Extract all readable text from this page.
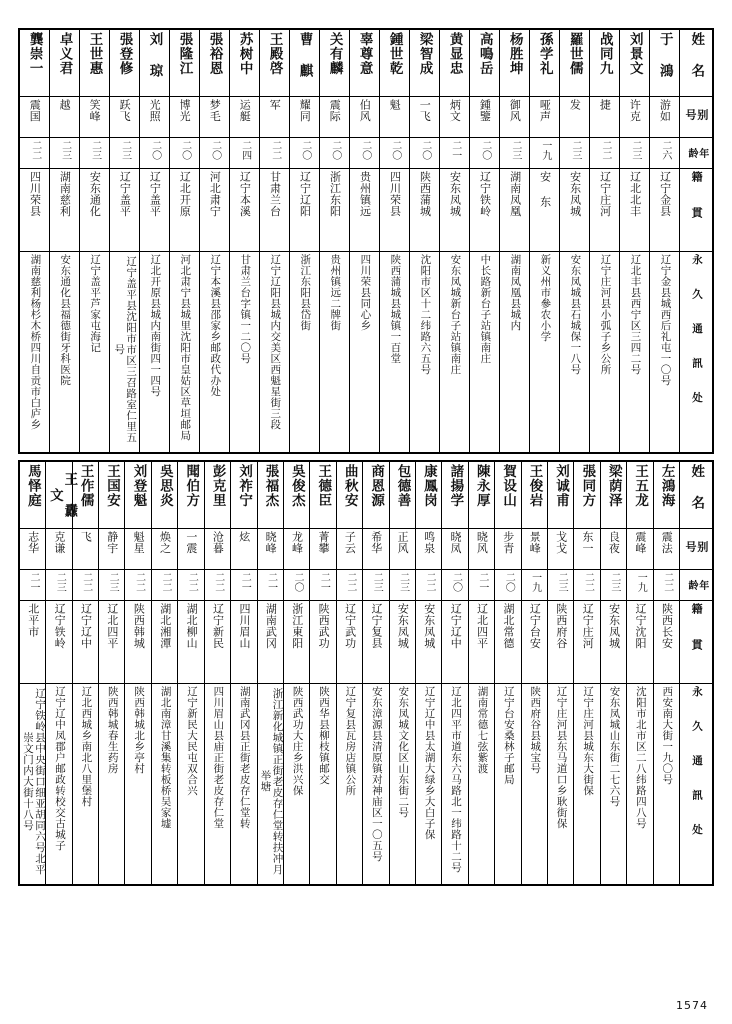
姓 名	于 鴻	刘景文	战同九	羅世儒	孫学礼	杨胜坤	高鳴岳	黄显忠	梁智成	鍾世乾	辜尊意	关有麟	曹 麒	王殿啓	苏树中	張裕恩	張隆江	刘 琼	張登修	王世惠	卓义君	龔崇一

别 号	游如	许克	捷	发	哑声	御风	鍾鑒	炳文	一飞	魁	伯风	震际	耀同	军	运艇	梦毛	博光	光照	跃飞	笑峰	越	震国

年 龄	二六	二三	二二	二三	一九	二三	二〇	二一	二〇	二〇	二〇	二〇	二〇	二二	二四	二〇	二〇	二〇	二三	二三	二三	二二

籍 貫	辽宁金县	辽北北丰	辽宁庄河	安东凤城	安 东	湖南凤凰	辽宁铁岭	安东凤城	陕西蒲城	四川荣县	贵州镇远	浙江东阳	辽宁辽阳	甘肃兰台	辽宁本溪	河北肃宁	辽北开原	辽宁盖平	辽宁盖平	安东通化	湖南慈利	四川荣县

永 久 通 訊 处	辽宁金县城西后礼屯一〇号	辽北丰县西宁区三四二号	辽宁庄河县小弧子乡公所	安东凤城县石城保一八号	新义州市參农小学	湖南凤凰县城内	中长路新台子站镇南庄	安东凤城新台子站镇南庄	沈阳市区十二纬路六五号	陕西蒲城县城镇一百堂	四川荣县同心乡	贵州镇远二牌街	浙江东阳县岱街	辽宁辽阳县城内交美区西魁星街三段	甘肃兰台字镇一二〇号	辽宁本溪县邵家乡邮政代办处	河北肃宁县城里沈阳市皇姑区草垣邮局	辽北开原县城内南街四一四号	辽宁盖平县沈阳市市区三召路室仁里五号	辽宁盖平芦家屯海记	安东通化县福德街牙科医院	湖南慈利杨杉木桥四川自贡市白庐乡
姓 名	左鴻海	王五龙	梁荫泽	張同方	刘诚甫	王俊岩	賀设山	陳永厚	諸揚学	康鳳岗	包德善	商恩源	曲秋安	王德臣	吳俊杰	張福杰	刘祚宁	彭克里	聞伯方	吳思炎	刘登魁	王国安	王作儒	王 纛 文	馬怿庭

别 号	震法	震峰	良夜	东一	戈戈	景峰	步青	晓风	晓凤	鸣泉	正风	希华	子云	菁攀	龙峰	晓峰	炫	沧暮	一震	焕之	魁星	静宇	飞	克谦	志华

年 龄	二二	一九	二三	二二	二三	一九	二〇	二一	二〇	二二	二三	二三	二二	二一	二〇	二一	二一	二二	二二	二二	二二	二三	二二	二三	二一

籍 貫	陕西长安	辽宁沈阳	安东凤城	辽宁庄河	陕西府谷	辽宁台安	湖北常德	辽北四平	辽宁辽中	安东凤城	安东凤城	辽宁复县	辽宁武功	陕西武功	浙江東阳	湖南武冈	四川眉山	辽宁新民	湖北柳山	湖北湘潭	陕西韩城	辽北四平	辽宁辽中	辽宁铁岭	北平市

永 久 通 訊 处	西安南大街一九〇号	沈阳市北市区二八纬路四八号	安东凤城山东街二七六号	辽宁庄河县城东大街保	辽宁庄河县东马道口乡耿街保	陕西府谷县城宝号	辽宁台安桑林子邮局	湖南常德七弦紫渡	辽北四平市道东六马路北一纬路十二号	辽宁辽中县太湖大绿乡大白子保	安东凤城文化区山东街二号	安东漳源县清原镇对神庙区一〇五号	辽宁复县瓦房店镇公所	陕西华县柳枝镇邮交	陕西武功大庄乡洪兴保	浙江新化城镇正街老皮存仁堂转扶冲月举塘	湖南武冈县正街老皮存仁堂转	四川眉山县庙正街老皮存仁堂	辽宁新民大民屯双合兴	湖北南漳甘溪集转板桥吴家墟	陕西韩城北乡亭村	陕西韩城春生药房	辽北西城乡南北八里堡村	辽宁辽中凤郡户邮政转校交古城子	辽宁铁岭县中央街口细亚胡同六号北平崇文门内大街十八号
1574
